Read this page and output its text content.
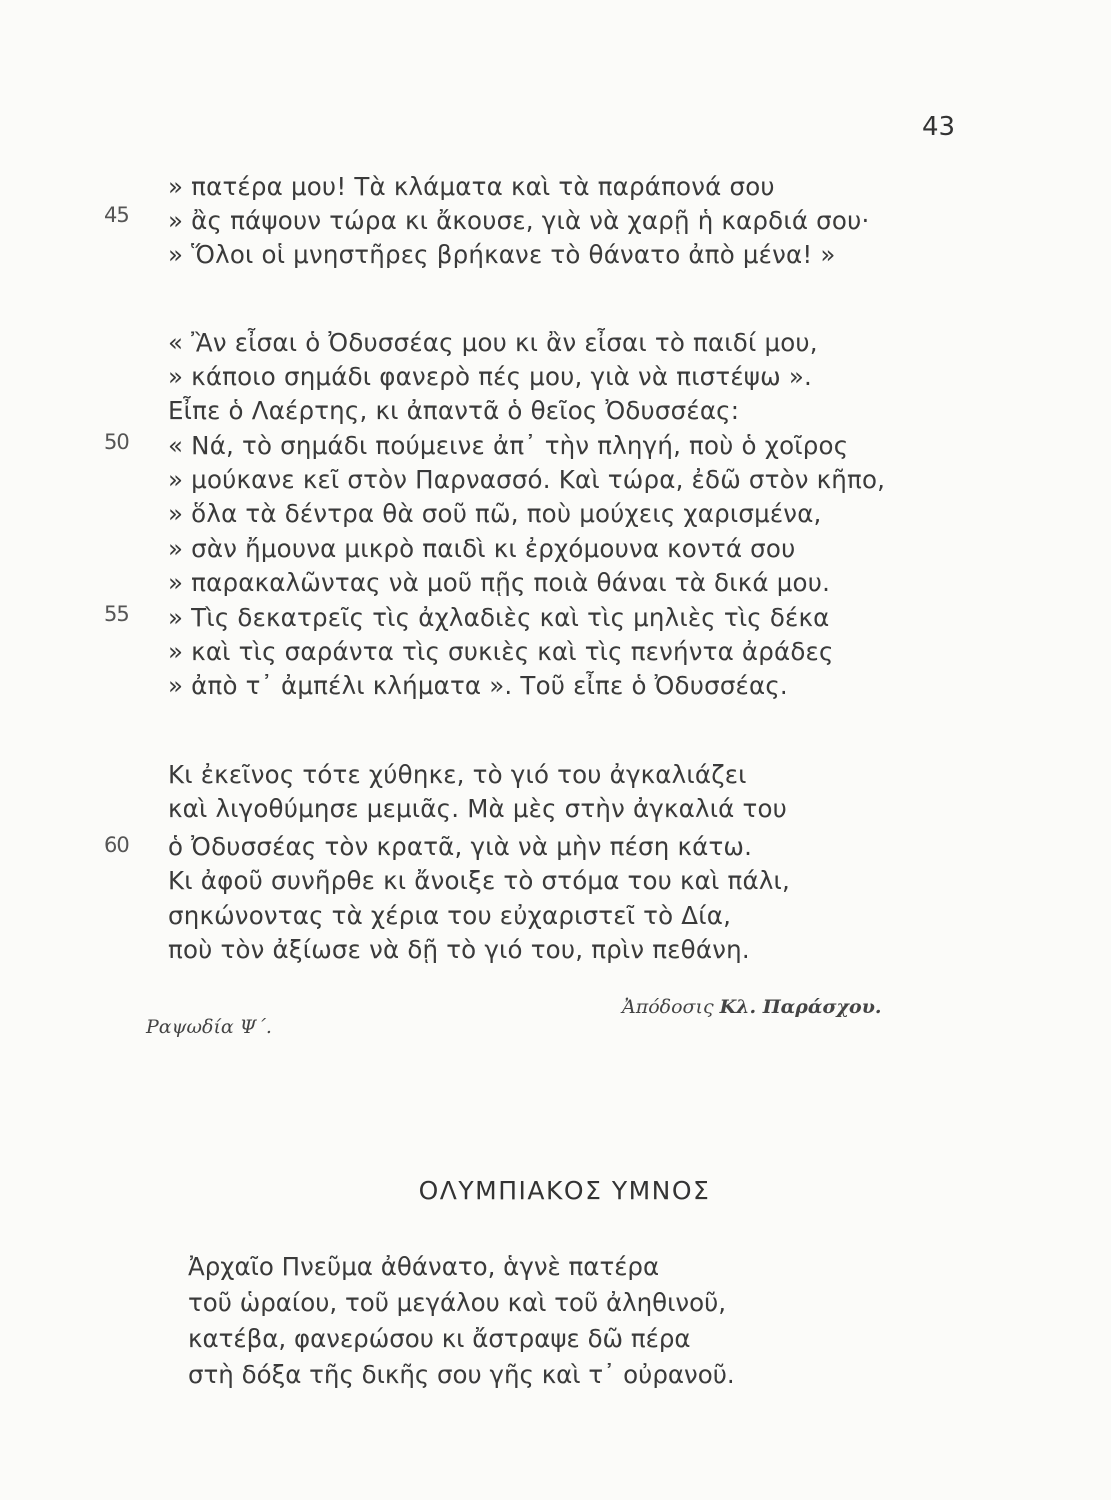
43
» πατέρα μου! Τὰ κλάματα καὶ τὰ παράπονά σου
45 » ἂς πάψουν τώρα κι ἄκουσε, γιὰ νὰ χαρῇ ἡ καρδιά σου·
» Ὅλοι οἱ μνηστῆρες βρήκανε τὸ θάνατο ἀπὸ μένα! »
« Ἂν εἶσαι ὁ Ὀδυσσέας μου κι ἂν εἶσαι τὸ παιδί μου,
» κάποιο σημάδι φανερὸ πές μου, γιὰ νὰ πιστέψω ».
Εἶπε ὁ Λαέρτης, κι ἀπαντᾶ ὁ θεῖος Ὀδυσσέας:
50 « Νά, τὸ σημάδι πούμεινε ἀπ᾽ τὴν πληγή, ποὺ ὁ χοῖρος
» μούκανε κεῖ στὸν Παρνασσό. Καὶ τώρα, ἐδῶ στὸν κῆπο,
» ὅλα τὰ δέντρα θὰ σοῦ πῶ, ποὺ μούχεις χαρισμένα,
» σὰν ἤμουνα μικρὸ παιδὶ κι ἐρχόμουνα κοντά σου
» παρακαλῶντας νὰ μοῦ πῇς ποιὰ θάναι τὰ δικά μου.
55 » Τὶς δεκατρεῖς τὶς ἀχλαδιὲς καὶ τὶς μηλιὲς τὶς δέκα
» καὶ τὶς σαράντα τὶς συκιὲς καὶ τὶς πενήντα ἀράδες
» ἀπὸ τ᾽ ἀμπέλι κλήματα ». Τοῦ εἶπε ὁ Ὀδυσσέας.
Κι ἐκεῖνος τότε χύθηκε, τὸ γιό του ἀγκαλιάζει
καὶ λιγοθύμησε μεμιᾶς. Μὰ μὲς στὴν ἀγκαλιά του
60 ὁ Ὀδυσσέας τὸν κρατᾶ, γιὰ νὰ μὴν πέση κάτω.
Κι ἀφοῦ συνῆρθε κι ἄνοιξε τὸ στόμα του καὶ πάλι,
σηκώνοντας τὰ χέρια του εὐχαριστεῖ τὸ Δία,
ποὺ τὸν ἀξίωσε νὰ δῇ τὸ γιό του, πρὶν πεθάνη.
Ἀπόδοσις Κλ. Παράσχου.
Ραψωδία Ψ΄.
ΟΛΥΜΠΙΑΚΟΣ ΥΜΝΟΣ
Ἀρχαῖο Πνεῦμα ἀθάνατο, ἁγνὲ πατέρα
τοῦ ὡραίου, τοῦ μεγάλου καὶ τοῦ ἀληθινοῦ,
κατέβα, φανερώσου κι ἄστραψε δῶ πέρα
στὴ δόξα τῆς δικῆς σου γῆς καὶ τ᾽ οὐρανοῦ.
